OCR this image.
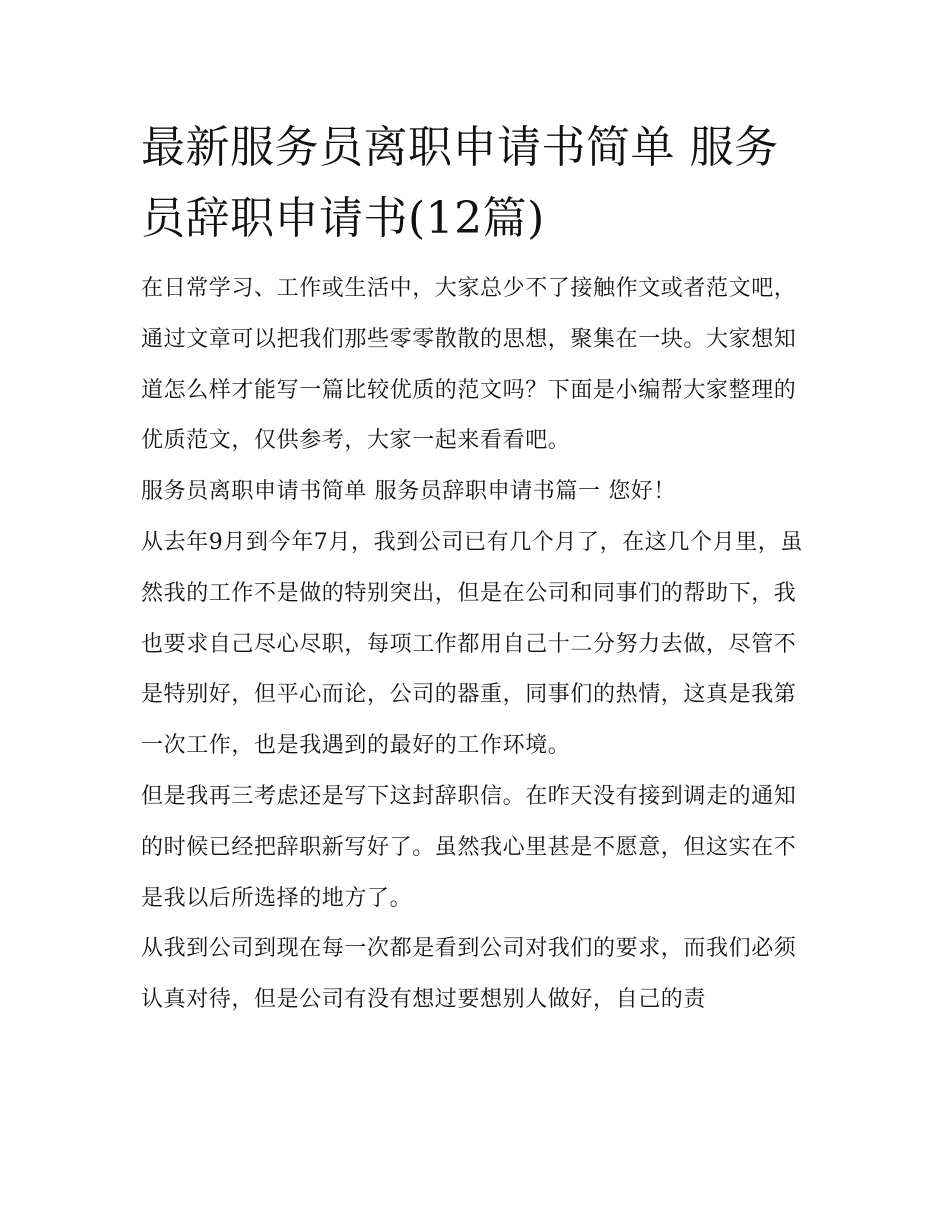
最新服务员离职申请书简单 服务员辞职申请书(12篇)

在日常学习、工作或生活中，大家总少不了接触作文或者范文吧，通过文章可以把我们那些零零散散的思想，聚集在一块。大家想知道怎么样才能写一篇比较优质的范文吗？下面是小编帮大家整理的优质范文，仅供参考，大家一起来看看吧。

服务员离职申请书简单 服务员辞职申请书篇一 您好！

从去年9月到今年7月，我到公司已有几个月了，在这几个月里，虽然我的工作不是做的特别突出，但是在公司和同事们的帮助下，我也要求自己尽心尽职，每项工作都用自己十二分努力去做，尽管不是特别好，但平心而论，公司的器重，同事们的热情，这真是我第一次工作，也是我遇到的最好的工作环境。

但是我再三考虑还是写下这封辞职信。在昨天没有接到调走的通知的时候已经把辞职新写好了。虽然我心里甚是不愿意，但这实在不是我以后所选择的地方了。

从我到公司到现在每一次都是看到公司对我们的要求，而我们必须认真对待，但是公司有没有想过要想别人做好，自己的责
